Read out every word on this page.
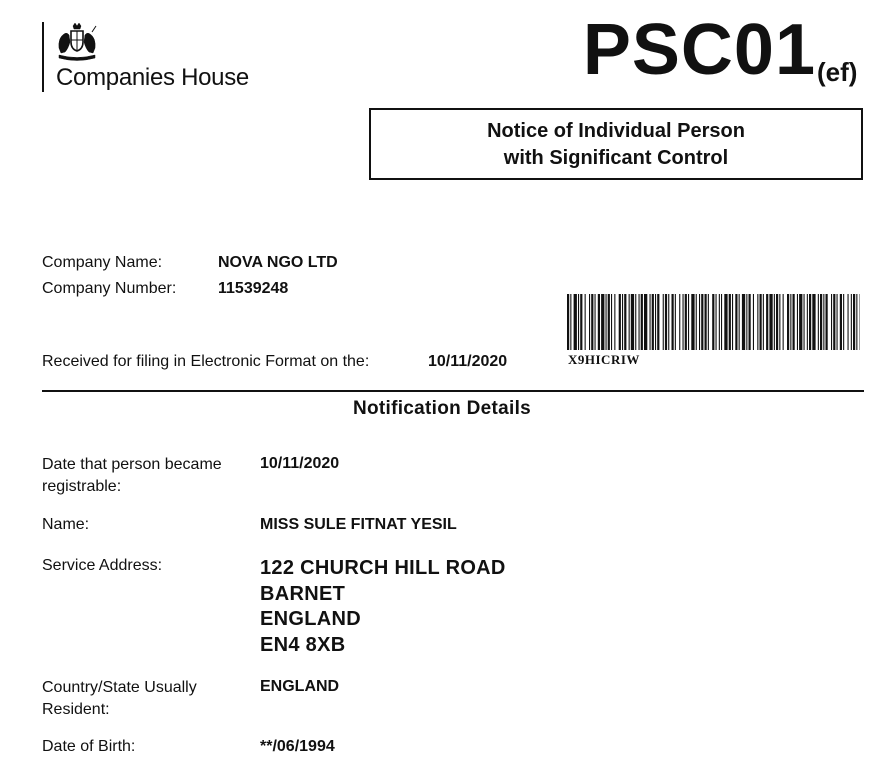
Companies House	PSC01 (ef)
Notice of Individual Person
with Significant Control
Company Name:	NOVA NGO LTD
Company Number:	11539248
Received for filing in Electronic Format on the:	10/11/2020	X9HICRIW
Notification Details
Date that person became registrable:
10/11/2020
Name:	MISS SULE FITNAT YESIL
Service Address:	122 CHURCH HILL ROAD
BARNET
ENGLAND
EN4 8XB
Country/State Usually Resident:
ENGLAND
Date of Birth:	**/06/1994
